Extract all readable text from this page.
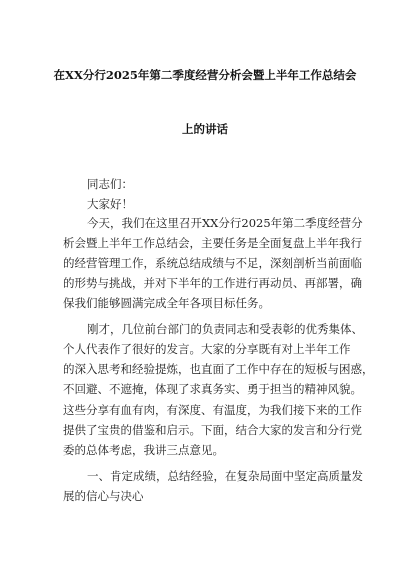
在XX分行2025年第二季度经营分析会暨上半年工作总结会
上的讲话
同志们：
大家好！
今天，我们在这里召开XX分行2025年第二季度经营分
析会暨上半年工作总结会，主要任务是全面复盘上半年我行
的经营管理工作，系统总结成绩与不足，深刻剖析当前面临
的形势与挑战，并对下半年的工作进行再动员、再部署，确
保我们能够圆满完成全年各项目标任务。
刚才，几位前台部门的负责同志和受表彰的优秀集体、
个人代表作了很好的发言。大家的分享既有对上半年工作
的深入思考和经验提炼，也直面了工作中存在的短板与困惑，
不回避、不遮掩，体现了求真务实、勇于担当的精神风貌。
这些分享有血有肉，有深度、有温度，为我们接下来的工作
提供了宝贵的借鉴和启示。下面，结合大家的发言和分行党
委的总体考虑，我讲三点意见。
一、肯定成绩，总结经验，在复杂局面中坚定高质量发
展的信心与决心
